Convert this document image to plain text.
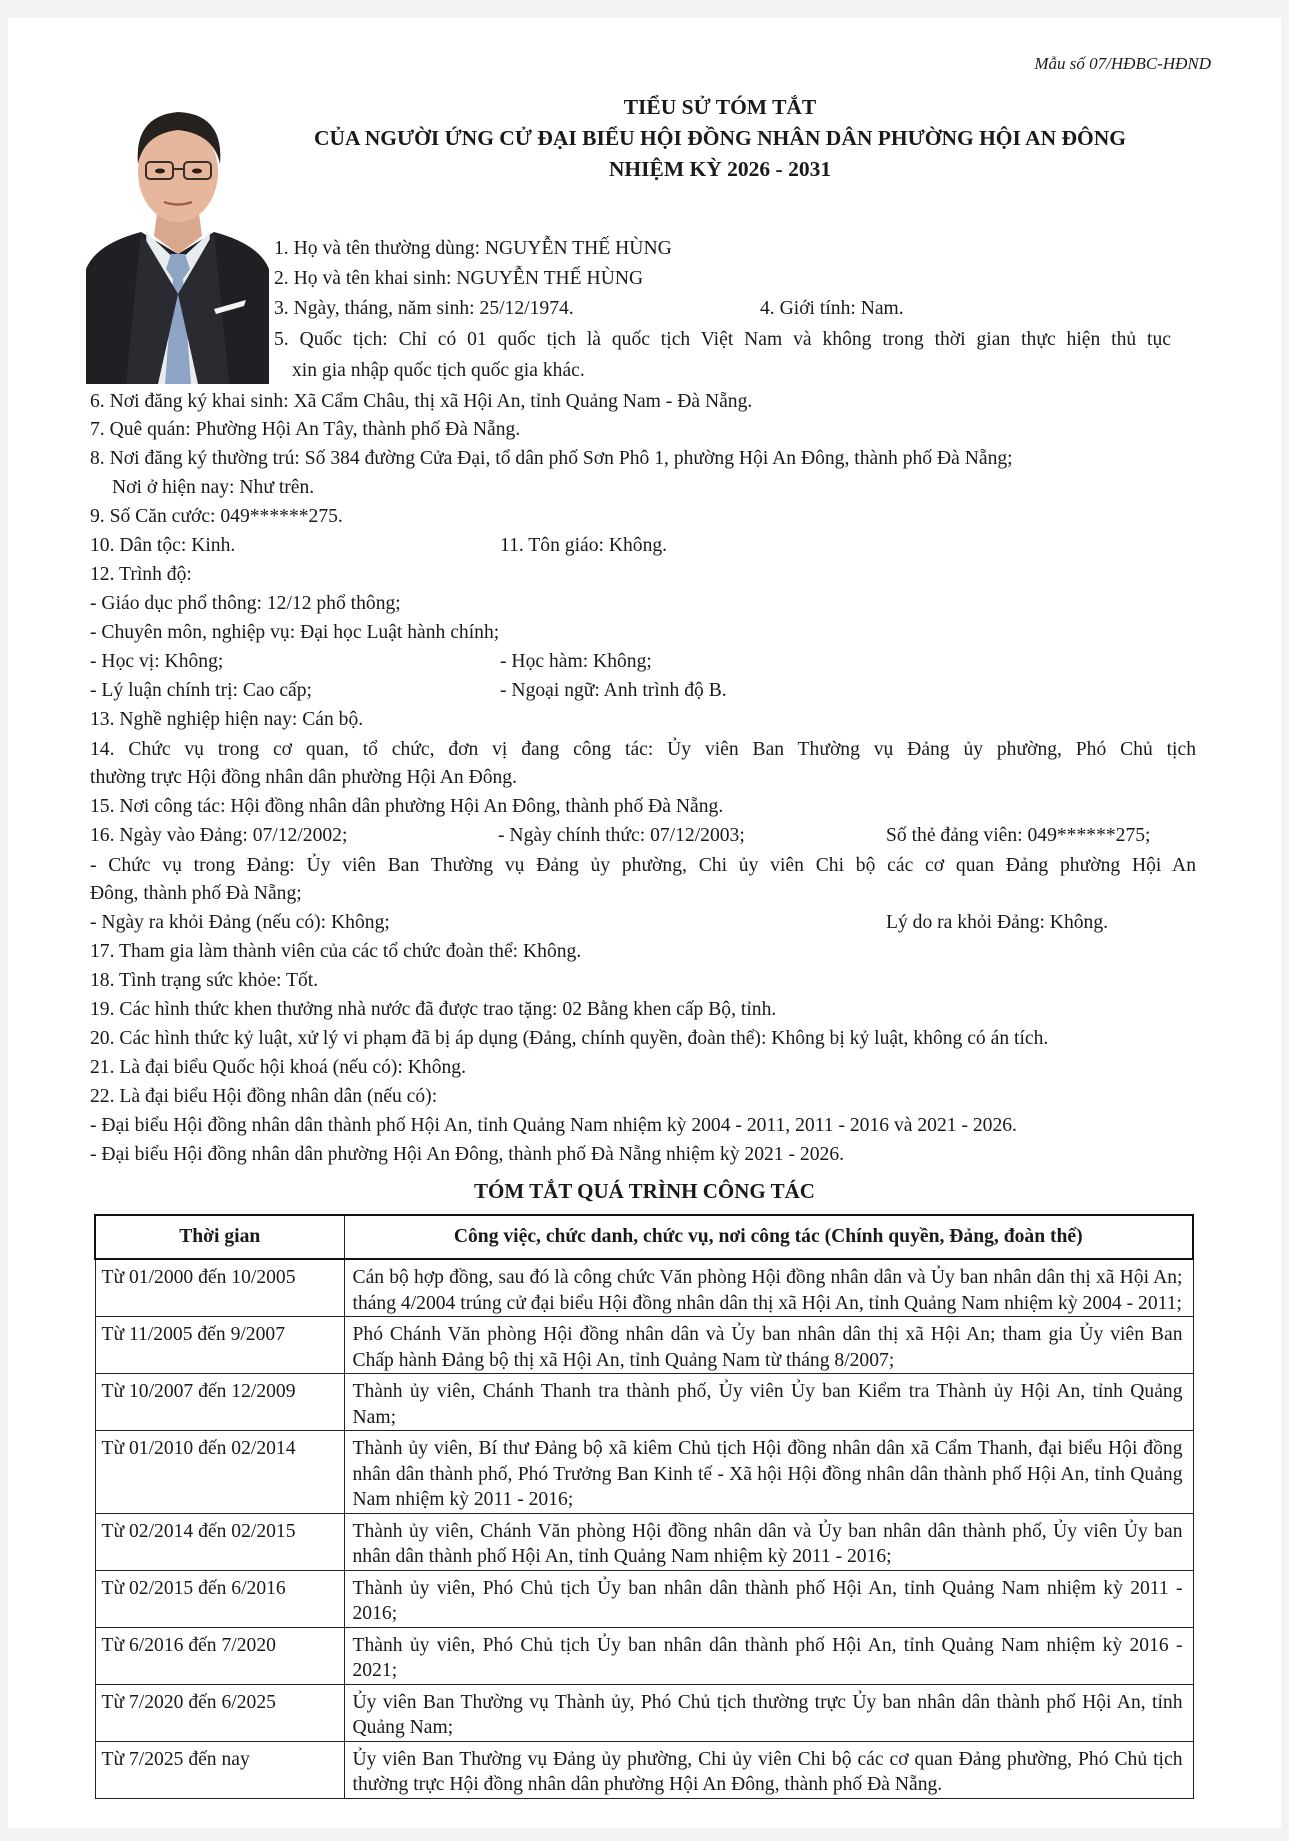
Mẫu số 07/HĐBC-HĐND
TIỂU SỬ TÓM TẮT
CỦA NGƯỜI ỨNG CỬ ĐẠI BIỂU HỘI ĐỒNG NHÂN DÂN PHƯỜNG HỘI AN ĐÔNG
NHIỆM KỲ 2026 - 2031
1. Họ và tên thường dùng: NGUYỄN THẾ HÙNG
2. Họ và tên khai sinh: NGUYỄN THẾ HÙNG
3. Ngày, tháng, năm sinh: 25/12/1974.	4. Giới tính: Nam.
5. Quốc tịch: Chỉ có 01 quốc tịch là quốc tịch Việt Nam và không trong thời gian thực hiện thủ tục
xin gia nhập quốc tịch quốc gia khác.
6. Nơi đăng ký khai sinh: Xã Cẩm Châu, thị xã Hội An, tỉnh Quảng Nam - Đà Nẵng.
7. Quê quán: Phường Hội An Tây, thành phố Đà Nẵng.
8. Nơi đăng ký thường trú: Số 384 đường Cửa Đại, tổ dân phố Sơn Phô 1, phường Hội An Đông, thành phố Đà Nẵng;
Nơi ở hiện nay: Như trên.
9. Số Căn cước: 049******275.
10. Dân tộc: Kinh.	11. Tôn giáo: Không.
12. Trình độ:
- Giáo dục phổ thông: 12/12 phổ thông;
- Chuyên môn, nghiệp vụ: Đại học Luật hành chính;
- Học vị: Không;	- Học hàm: Không;
- Lý luận chính trị: Cao cấp;	- Ngoại ngữ: Anh trình độ B.
13. Nghề nghiệp hiện nay: Cán bộ.
14. Chức vụ trong cơ quan, tổ chức, đơn vị đang công tác: Ủy viên Ban Thường vụ Đảng ủy phường, Phó Chủ tịch
thường trực Hội đồng nhân dân phường Hội An Đông.
15. Nơi công tác: Hội đồng nhân dân phường Hội An Đông, thành phố Đà Nẵng.
16. Ngày vào Đảng: 07/12/2002;	- Ngày chính thức: 07/12/2003;	Số thẻ đảng viên: 049******275;
- Chức vụ trong Đảng: Ủy viên Ban Thường vụ Đảng ủy phường, Chi ủy viên Chi bộ các cơ quan Đảng phường Hội An
Đông, thành phố Đà Nẵng;
- Ngày ra khỏi Đảng (nếu có): Không;	Lý do ra khỏi Đảng: Không.
17. Tham gia làm thành viên của các tổ chức đoàn thể: Không.
18. Tình trạng sức khỏe: Tốt.
19. Các hình thức khen thưởng nhà nước đã được trao tặng: 02 Bằng khen cấp Bộ, tỉnh.
20. Các hình thức kỷ luật, xử lý vi phạm đã bị áp dụng (Đảng, chính quyền, đoàn thể): Không bị kỷ luật, không có án tích.
21. Là đại biểu Quốc hội khoá (nếu có): Không.
22. Là đại biểu Hội đồng nhân dân (nếu có):
- Đại biểu Hội đồng nhân dân thành phố Hội An, tỉnh Quảng Nam nhiệm kỳ 2004 - 2011, 2011 - 2016 và 2021 - 2026.
- Đại biểu Hội đồng nhân dân phường Hội An Đông, thành phố Đà Nẵng nhiệm kỳ 2021 - 2026.
TÓM TẮT QUÁ TRÌNH CÔNG TÁC
Thời gian	Công việc, chức danh, chức vụ, nơi công tác (Chính quyền, Đảng, đoàn thể)
Từ 01/2000 đến 10/2005	Cán bộ hợp đồng, sau đó là công chức Văn phòng Hội đồng nhân dân và Ủy ban nhân dân thị xã Hội An; tháng 4/2004 trúng cử đại biểu Hội đồng nhân dân thị xã Hội An, tỉnh Quảng Nam nhiệm kỳ 2004 - 2011;
Từ 11/2005 đến 9/2007	Phó Chánh Văn phòng Hội đồng nhân dân và Ủy ban nhân dân thị xã Hội An; tham gia Ủy viên Ban Chấp hành Đảng bộ thị xã Hội An, tỉnh Quảng Nam từ tháng 8/2007;
Từ 10/2007 đến 12/2009	Thành ủy viên, Chánh Thanh tra thành phố, Ủy viên Ủy ban Kiểm tra Thành ủy Hội An, tỉnh Quảng Nam;
Từ 01/2010 đến 02/2014	Thành ủy viên, Bí thư Đảng bộ xã kiêm Chủ tịch Hội đồng nhân dân xã Cẩm Thanh, đại biểu Hội đồng nhân dân thành phố, Phó Trưởng Ban Kinh tế - Xã hội Hội đồng nhân dân thành phố Hội An, tỉnh Quảng Nam nhiệm kỳ 2011 - 2016;
Từ 02/2014 đến 02/2015	Thành ủy viên, Chánh Văn phòng Hội đồng nhân dân và Ủy ban nhân dân thành phố, Ủy viên Ủy ban nhân dân thành phố Hội An, tỉnh Quảng Nam nhiệm kỳ 2011 - 2016;
Từ 02/2015 đến 6/2016	Thành ủy viên, Phó Chủ tịch Ủy ban nhân dân thành phố Hội An, tỉnh Quảng Nam nhiệm kỳ 2011 - 2016;
Từ 6/2016 đến 7/2020	Thành ủy viên, Phó Chủ tịch Ủy ban nhân dân thành phố Hội An, tỉnh Quảng Nam nhiệm kỳ 2016 - 2021;
Từ 7/2020 đến 6/2025	Ủy viên Ban Thường vụ Thành ủy, Phó Chủ tịch thường trực Ủy ban nhân dân thành phố Hội An, tỉnh Quảng Nam;
Từ 7/2025 đến nay	Ủy viên Ban Thường vụ Đảng ủy phường, Chi ủy viên Chi bộ các cơ quan Đảng phường, Phó Chủ tịch thường trực Hội đồng nhân dân phường Hội An Đông, thành phố Đà Nẵng.
